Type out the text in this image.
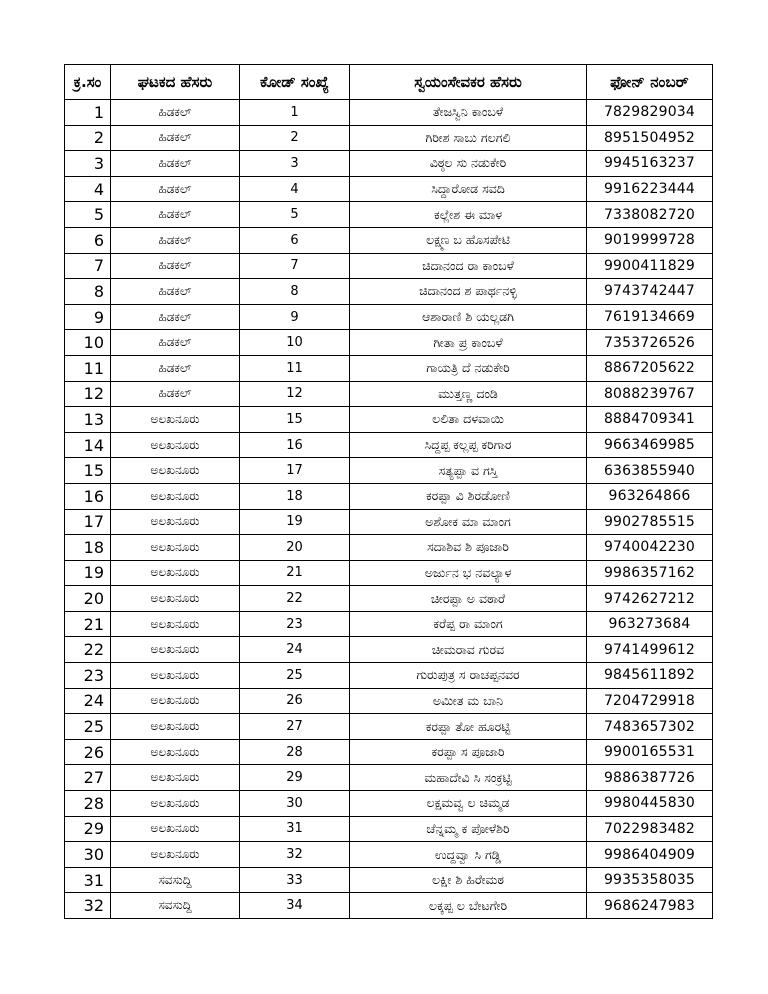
ಕ್ರ.ಸಂ	ಘಟಕದ ಹೆಸರು	ಕೋಡ್ ಸಂಖ್ಯೆ	ಸ್ವಯಂಸೇವಕರ ಹೆಸರು	ಫೋನ್ ನಂಬರ್
1	ಹಿಡಕಲ್	1	ತೇಜಸ್ವಿನಿ ಕಾಂಬಳೆ	7829829034
2	ಹಿಡಕಲ್	2	ಗಿರೀಶ ಸಾಬು ಗಲಗಲಿ	8951504952
3	ಹಿಡಕಲ್	3	ವಿಠ್ಠಲ ಸು ನಡುಕೇರಿ	9945163237
4	ಹಿಡಕಲ್	4	ಸಿದ್ದಾರೋಡ ಸವದಿ	9916223444
5	ಹಿಡಕಲ್	5	ಕಲ್ಲೇಶ ಈ ಮಾಳ	7338082720
6	ಹಿಡಕಲ್	6	ಲಕ್ಷ್ಮಣ ಬ ಹೊಸಪೇಟಿ	9019999728
7	ಹಿಡಕಲ್	7	ಚಿದಾನಂದ ರಾ ಕಾಂಬಳೆ	9900411829
8	ಹಿಡಕಲ್	8	ಚಿದಾನಂದ ಶ ಪಾರ್ಥನಳ್ಳಿ	9743742447
9	ಹಿಡಕಲ್	9	ಆಶಾರಾಣಿ ಶಿ ಯಲ್ಲಡಗಿ	7619134669
10	ಹಿಡಕಲ್	10	ಗೀತಾ ಪ್ರ ಕಾಂಬಳೆ	7353726526
11	ಹಿಡಕಲ್	11	ಗಾಯತ್ರಿ ದೆ ನಡುಕೇರಿ	8867205622
12	ಹಿಡಕಲ್	12	ಮುತ್ತಣ್ಣ ದಂಡಿ	8088239767
13	ಅಲಖನೂರು	15	ಲಲಿತಾ ದಳವಾಯಿ	8884709341
14	ಅಲಖನೂರು	16	ಸಿದ್ದಪ್ಪ ಕಲ್ಲಪ್ಪ ಕರಿಗಾರ	9663469985
15	ಅಲಖನೂರು	17	ಸತ್ಯಪ್ಪಾ ವ ಗಸ್ತಿ	6363855940
16	ಅಲಖನೂರು	18	ಕರಪ್ಪಾ ವಿ ಶಿರಡೋಣಿ	963264866
17	ಅಲಖನೂರು	19	ಅಶೋಕ ಮಾ ಮಾಂಗ	9902785515
18	ಅಲಖನೂರು	20	ಸದಾಶಿವ ಶಿ ಪೂಜಾರಿ	9740042230
19	ಅಲಖನೂರು	21	ಅರ್ಜುನ ಭ ನವಲ್ಯಾಳ	9986357162
20	ಅಲಖನೂರು	22	ಚೀರಪ್ಪಾ ಅ ವಠಾರೆ	9742627212
21	ಅಲಖನೂರು	23	ಕರೆಪ್ಪ ರಾ ಮಾಂಗ	963273684
22	ಅಲಖನೂರು	24	ಚೀಮರಾವ ಗುರವ	9741499612
23	ಅಲಖನೂರು	25	ಗುರುಪುತ್ರ ಸ ರಾಚಪ್ಪನವರ	9845611892
24	ಅಲಖನೂರು	26	ಅಮೀತ ಮ ಬಾನಿ	7204729918
25	ಅಲಖನೂರು	27	ಕರಪ್ಪಾ ತೋ ಹೂರಟ್ಟಿ	7483657302
26	ಅಲಖನೂರು	28	ಕರಪ್ಪಾ ಸ ಪೂಜಾರಿ	9900165531
27	ಅಲಖನೂರು	29	ಮಹಾದೇವಿ ಸಿ ಸಂಕ್ರಟ್ಟಿ	9886387726
28	ಅಲಖನೂರು	30	ಲಕ್ಷಮವ್ವ ಲ ಚಿಮ್ಮಡ	9980445830
29	ಅಲಖನೂರು	31	ಚೆನ್ನಮ್ಮ ಕ ಪೋಳೆಶಿರಿ	7022983482
30	ಅಲಖನೂರು	32	ಉದ್ದವ್ವಾ ಸಿ ಗಡ್ಡಿ	9986404909
31	ಸವಸುದ್ದಿ	33	ಲಕ್ಷೀ ಶಿ ಹಿರೇಮಠ	9935358035
32	ಸವಸುದ್ದಿ	34	ಲಕ್ಕಪ್ಪ ಲ ಬೇಟಗೇರಿ	9686247983
